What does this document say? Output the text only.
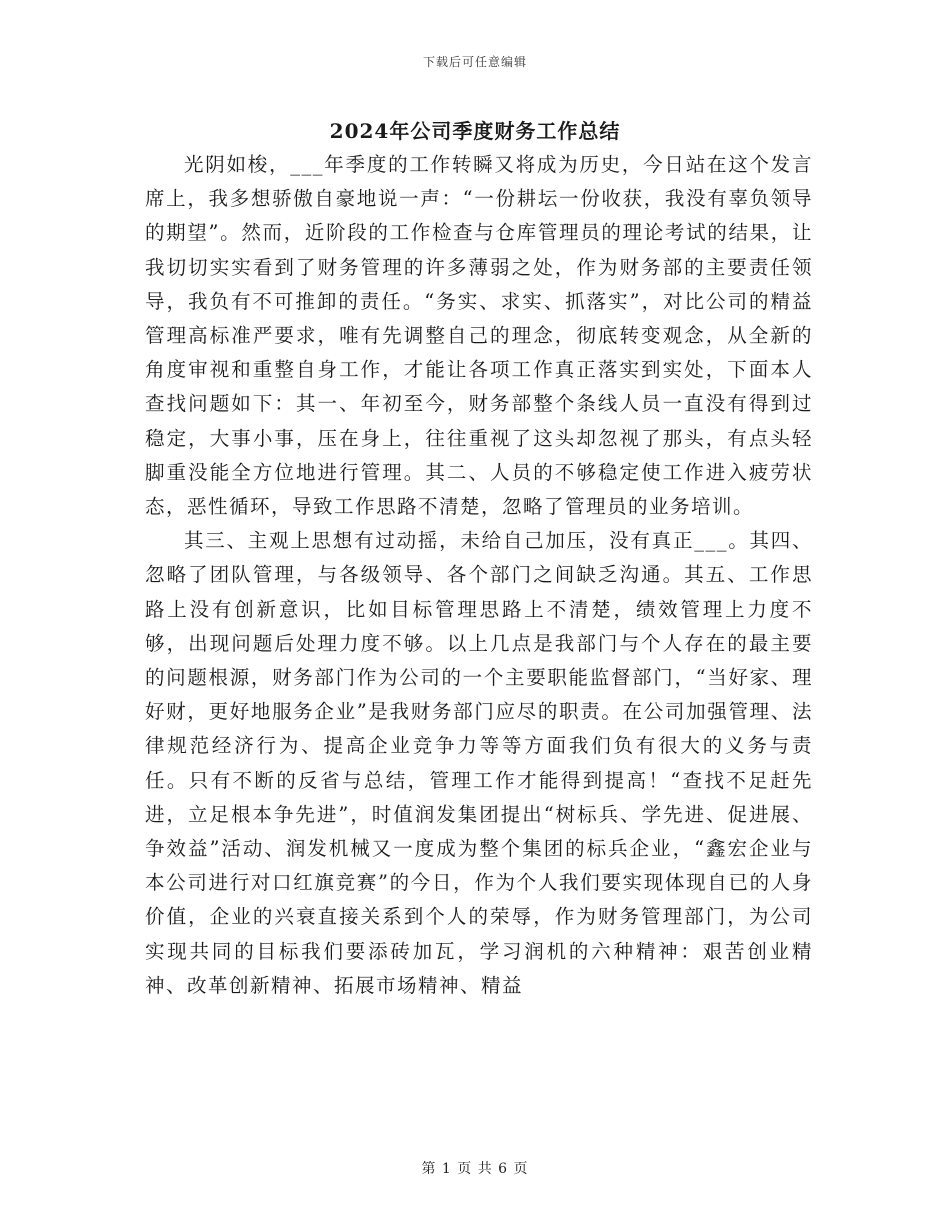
下载后可任意编辑
2024年公司季度财务工作总结

光阴如梭，___年季度的工作转瞬又将成为历史，今日站在这个发言席上，我多想骄傲自豪地说一声：“一份耕坛一份收获，我没有辜负领导的期望”。然而，近阶段的工作检查与仓库管理员的理论考试的结果，让我切切实实看到了财务管理的许多薄弱之处，作为财务部的主要责任领导，我负有不可推卸的责任。“务实、求实、抓落实”，对比公司的精益管理高标准严要求，唯有先调整自己的理念，彻底转变观念，从全新的角度审视和重整自身工作，才能让各项工作真正落实到实处，下面本人查找问题如下：其一、年初至今，财务部整个条线人员一直没有得到过稳定，大事小事，压在身上，往往重视了这头却忽视了那头，有点头轻脚重没能全方位地进行管理。其二、人员的不够稳定使工作进入疲劳状态，恶性循环，导致工作思路不清楚，忽略了管理员的业务培训。

其三、主观上思想有过动摇，未给自己加压，没有真正___。其四、忽略了团队管理，与各级领导、各个部门之间缺乏沟通。其五、工作思路上没有创新意识，比如目标管理思路上不清楚，绩效管理上力度不够，出现问题后处理力度不够。以上几点是我部门与个人存在的最主要的问题根源，财务部门作为公司的一个主要职能监督部门，“当好家、理好财，更好地服务企业”是我财务部门应尽的职责。在公司加强管理、法律规范经济行为、提高企业竞争力等等方面我们负有很大的义务与责任。只有不断的反省与总结，管理工作才能得到提高！“查找不足赶先进，立足根本争先进”，时值润发集团提出“树标兵、学先进、促进展、争效益”活动、润发机械又一度成为整个集团的标兵企业，“鑫宏企业与本公司进行对口红旗竞赛”的今日，作为个人我们要实现体现自已的人身价值，企业的兴衰直接关系到个人的荣辱，作为财务管理部门，为公司实现共同的目标我们要添砖加瓦，学习润机的六种精神：艰苦创业精神、改革创新精神、拓展市场精神、精益

第 1 页 共 6 页
